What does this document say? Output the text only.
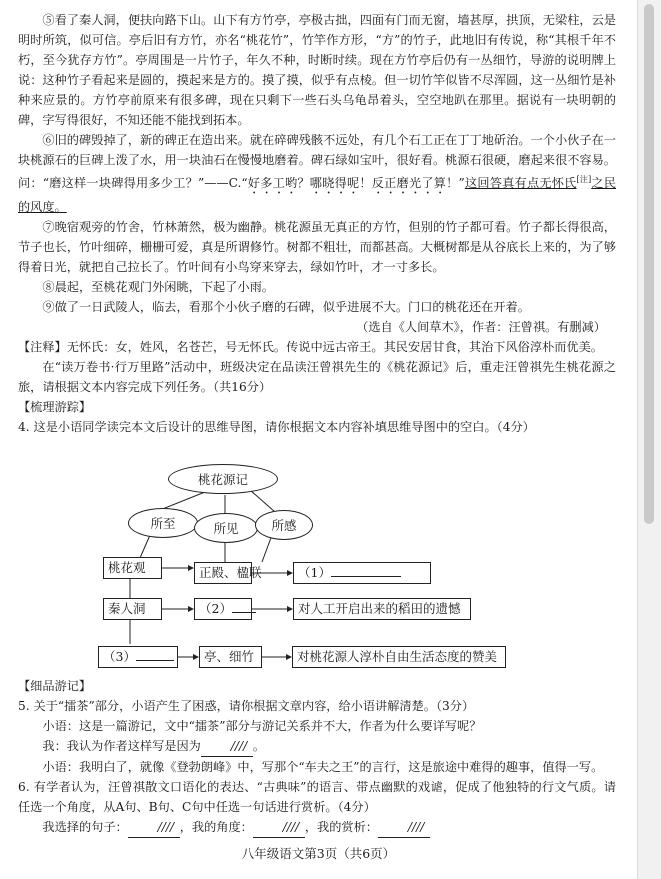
⑤看了秦人洞，便扶向路下山。山下有方竹亭，亭极古拙，四面有门而无窗，墙甚厚，拱顶，无梁柱，云是明时所筑，似可信。亭后旧有方竹，亦名“桃花竹”，竹竿作方形，“方”的竹子，此地旧有传说，称“其根千年不朽，至今犹存方竹”。亭周围是一片竹子，年久不种，时断时续。现在方竹亭后仍有一丛细竹，导游的说明牌上说：这种竹子看起来是圆的，摸起来是方的。摸了摸，似乎有点棱。但一切竹竿似皆不尽浑圆，这一丛细竹是补种来应景的。方竹亭前原来有很多碑，现在只剩下一些石头乌龟昂着头，空空地趴在那里。据说有一块明朝的碑，字写得很好，不知还能不能找到拓本。

⑥旧的碑毁掉了，新的碑正在造出来。就在碎碑残骸不远处，有几个石工正在丁丁地斫治。一个小伙子在一块桃源石的巨碑上泼了水，用一块油石在慢慢地磨着。碑石绿如宝叶，很好看。桃源石很硬，磨起来很不容易。问：“磨这样一块碑得用多少工？”——C.“好多工哟？哪晓得呢！反正磨光了算！”这回答真有点无怀氏[注]之民的风度。

⑦晚宿观旁的竹舍，竹林萧然，极为幽静。桃花源虽无真正的方竹，但别的竹子都可看。竹子都长得很高，节子也长，竹叶细碎，栅栅可爱，真是所谓修竹。树都不粗壮，而都甚高。大概树都是从谷底长上来的，为了够得着日光，就把自己拉长了。竹叶间有小鸟穿来穿去，绿如竹叶，才一寸多长。

⑧晨起，至桃花观门外闲眺，下起了小雨。

⑨做了一日武陵人，临去，看那个小伙子磨的石碑，似乎进展不大。门口的桃花还在开着。

（选自《人间草木》，作者：汪曾祺。有删减）

【注释】无怀氏：女，姓风，名苍芒，号无怀氏。传说中远古帝王。其民安居甘食，其治下风俗淳朴而优美。

在“读万卷书·行万里路”活动中，班级决定在品读汪曾祺先生的《桃花源记》后，重走汪曾祺先生桃花源之旅，请根据文本内容完成下列任务。（共16分）

【梳理游踪】

4. 这是小语同学读完本文后设计的思维导图，请你根据文本内容补填思维导图中的空白。（4分）

桃花源记
所至	所见	所感
桃花观	正殿、楹联	（1）
秦人洞	（2）	对人工开启出来的稻田的遗憾
（3）	亭、细竹	对桃花源人淳朴自由生活态度的赞美

【细品游记】

5. 关于“擂茶”部分，小语产生了困惑，请你根据文章内容，给小语讲解清楚。（3分）

小语：这是一篇游记，文中“擂茶”部分与游记关系并不大，作者为什么要详写呢？

我：我认为作者这样写是因为 //// 。

小语：我明白了，就像《登勃朗峰》中，写那个“车夫之王”的言行，这是旅途中难得的趣事，值得一写。

6. 有学者认为，汪曾祺散文口语化的表达、“古典味”的语言、带点幽默的戏谑，促成了他独特的行文气质。请任选一个角度，从A句、B句、C句中任选一句话进行赏析。（4分）

我选择的句子： //// ，我的角度： //// ，我的赏析： ////

八年级语文第3页（共6页）
